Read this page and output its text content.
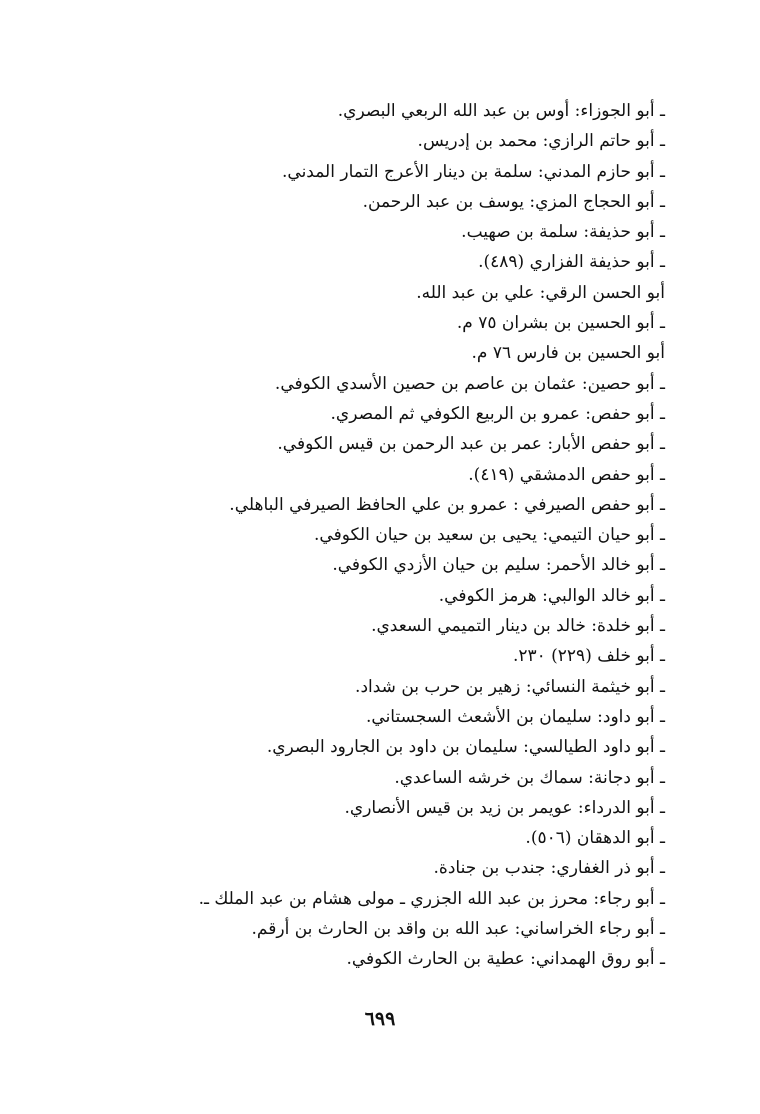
ـ أبو الجوزاء: أوس بن عبد الله الربعي البصري.
ـ أبو حاتم الرازي: محمد بن إدريس.
ـ أبو حازم المدني: سلمة بن دينار الأعرج التمار المدني.
ـ أبو الحجاج المزي: يوسف بن عبد الرحمن.
ـ أبو حذيفة: سلمة بن صهيب.
ـ أبو حذيفة الفزاري (٤٨٩).
أبو الحسن الرقي: علي بن عبد الله.
ـ أبو الحسين بن بشران ٧٥ م.
أبو الحسين بن فارس ٧٦ م.
ـ أبو حصين: عثمان بن عاصم بن حصين الأسدي الكوفي.
ـ أبو حفص: عمرو بن الربيع الكوفي ثم المصري.
ـ أبو حفص الأبار: عمر بن عبد الرحمن بن قيس الكوفي.
ـ أبو حفص الدمشقي (٤١٩).
ـ أبو حفص الصيرفي : عمرو بن علي الحافظ الصيرفي الباهلي.
ـ أبو حيان التيمي: يحيى بن سعيد بن حيان الكوفي.
ـ أبو خالد الأحمر: سليم بن حيان الأزدي الكوفي.
ـ أبو خالد الوالبي: هرمز الكوفي.
ـ أبو خلدة: خالد بن دينار التميمي السعدي.
ـ أبو خلف (٢٢٩) ٢٣٠.
ـ أبو خيثمة النسائي: زهير بن حرب بن شداد.
ـ أبو داود: سليمان بن الأشعث السجستاني.
ـ أبو داود الطيالسي: سليمان بن داود بن الجارود البصري.
ـ أبو دجانة: سماك بن خرشه الساعدي.
ـ أبو الدرداء: عويمر بن زيد بن قيس الأنصاري.
ـ أبو الدهقان (٥٠٦).
ـ أبو ذر الغفاري: جندب بن جنادة.
ـ أبو رجاء: محرز بن عبد الله الجزري ـ مولى هشام بن عبد الملك ـ.
ـ أبو رجاء الخراساني: عبد الله بن واقد بن الحارث بن أرقم.
ـ أبو روق الهمداني: عطية بن الحارث الكوفي.
٦٩٩
